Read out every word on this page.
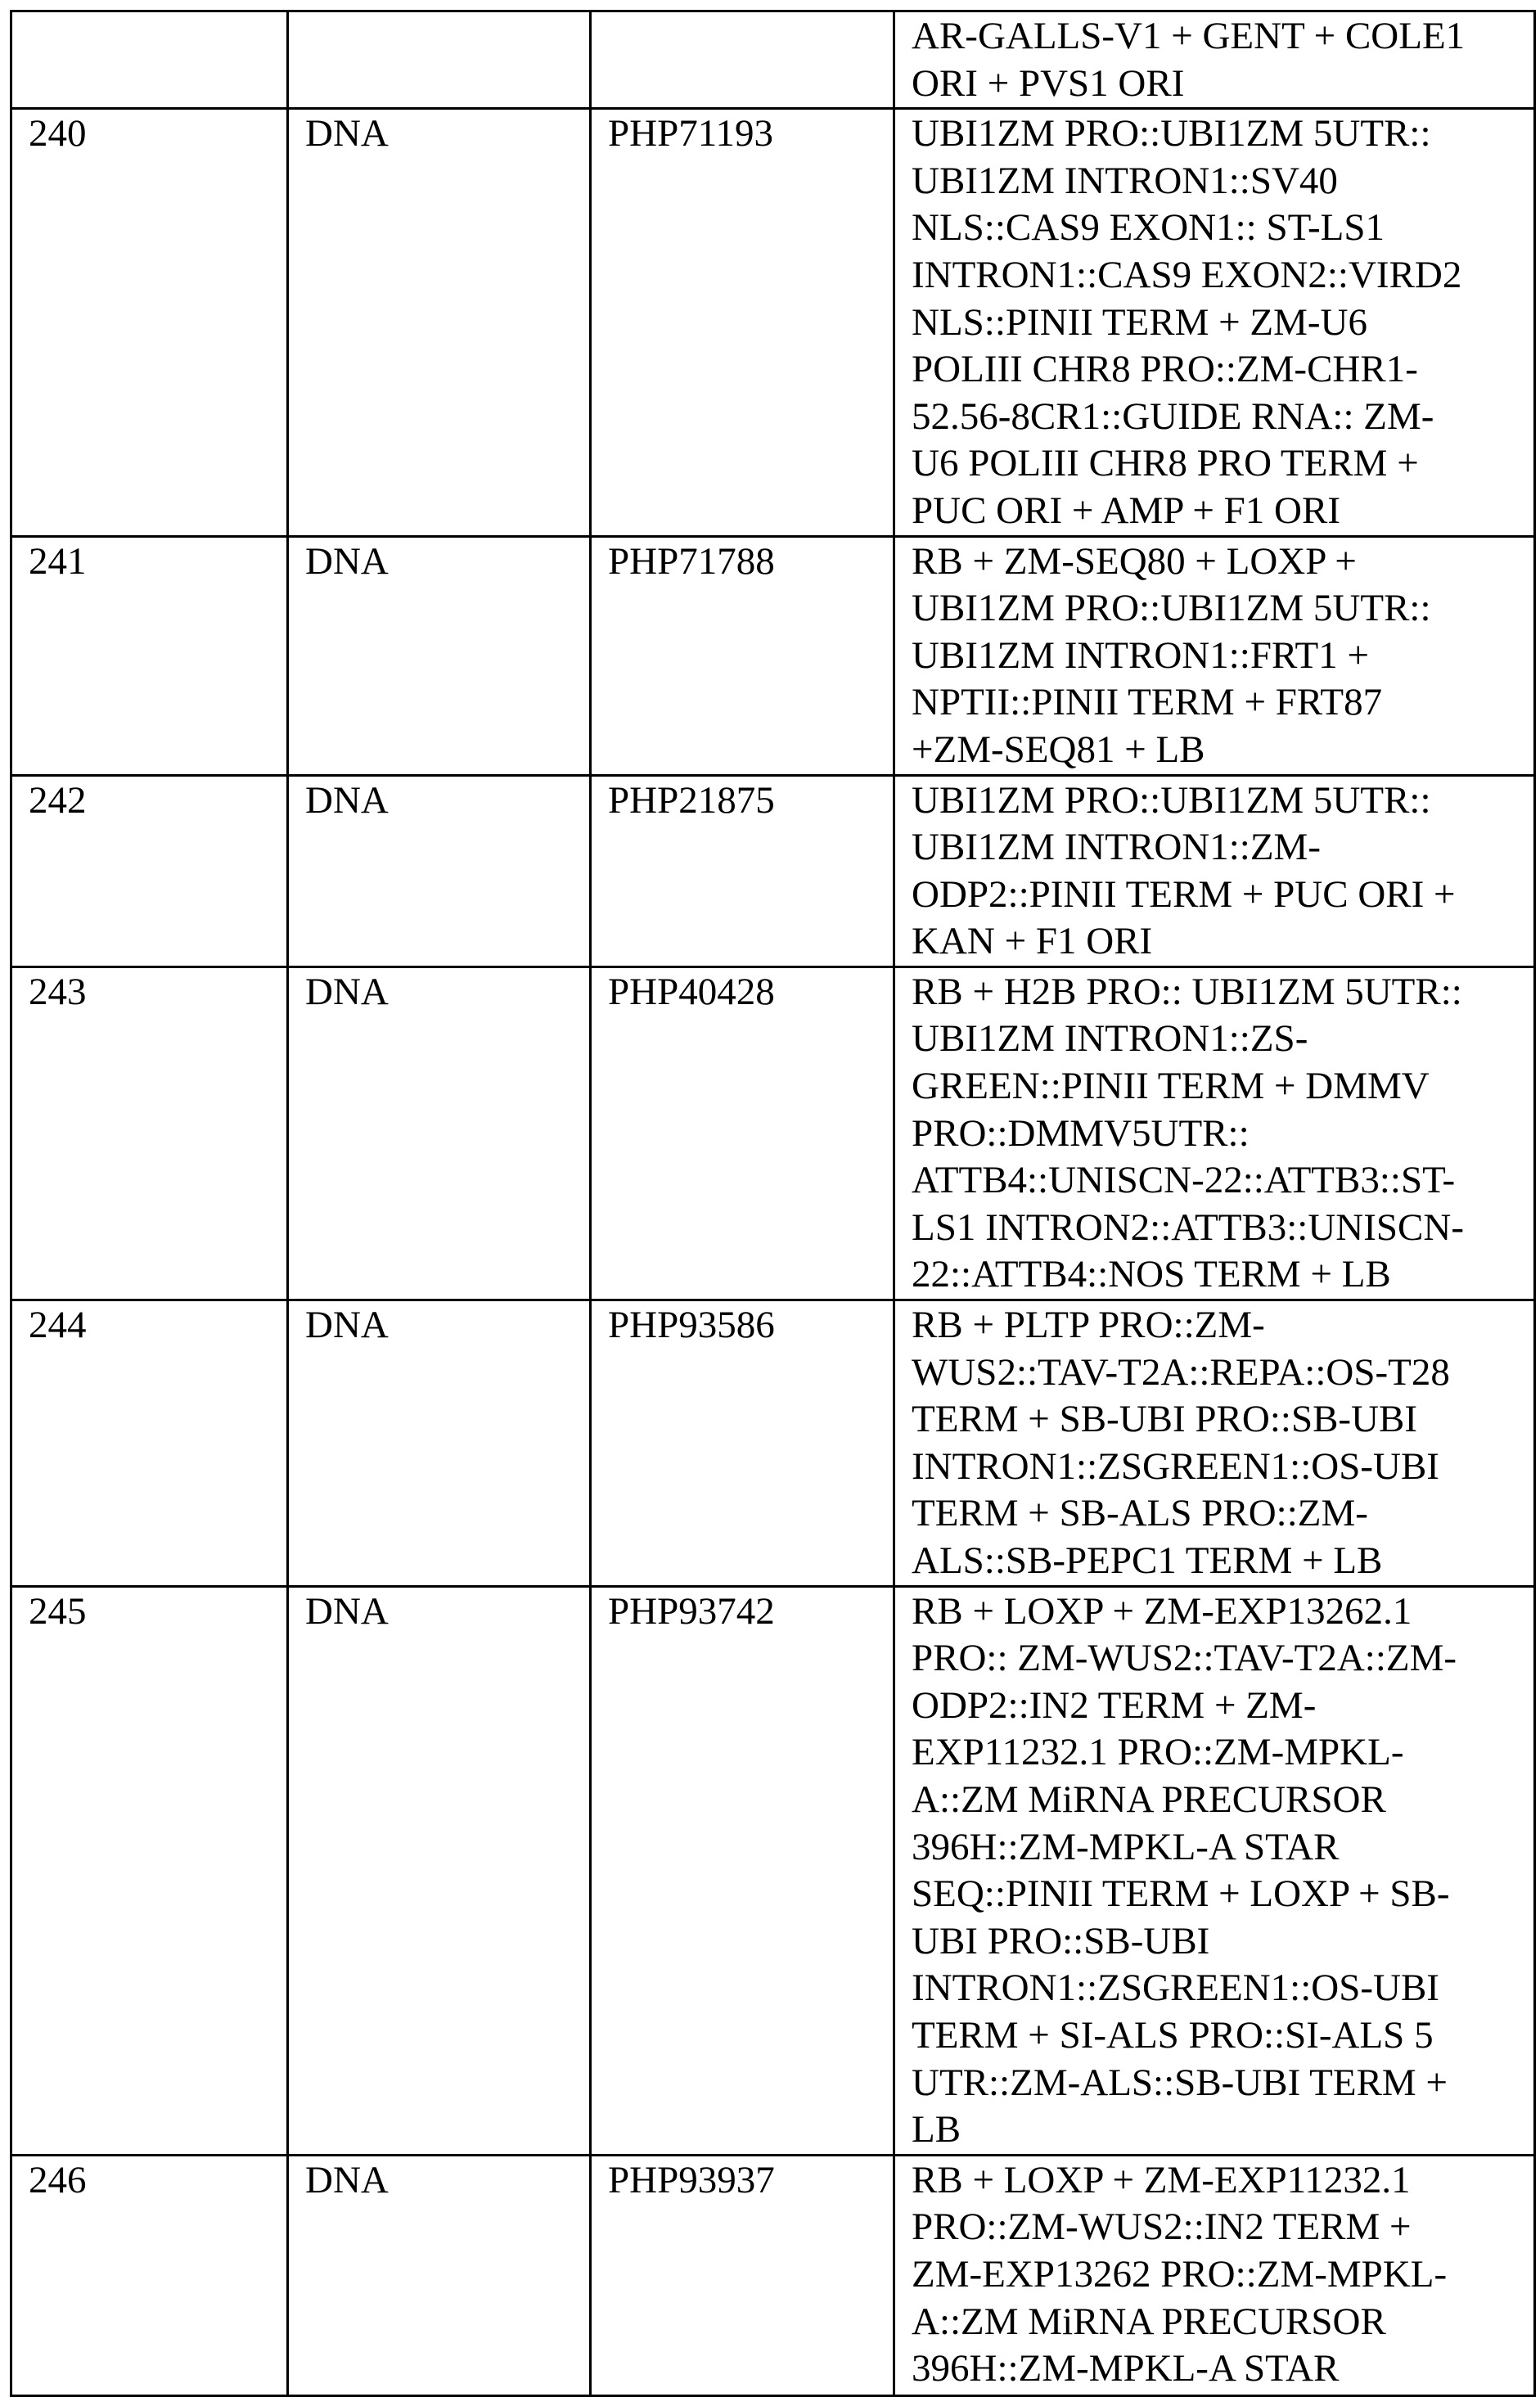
			AR-GALLS-V1 + GENT + COLE1
ORI + PVS1 ORI
240	DNA	PHP71193	UBI1ZM PRO::UBI1ZM 5UTR::
UBI1ZM INTRON1::SV40
NLS::CAS9 EXON1:: ST-LS1
INTRON1::CAS9 EXON2::VIRD2
NLS::PINII TERM + ZM-U6
POLIII CHR8 PRO::ZM-CHR1-
52.56-8CR1::GUIDE RNA:: ZM-
U6 POLIII CHR8 PRO TERM +
PUC ORI + AMP + F1 ORI
241	DNA	PHP71788	RB + ZM-SEQ80 + LOXP +
UBI1ZM PRO::UBI1ZM 5UTR::
UBI1ZM INTRON1::FRT1 +
NPTII::PINII TERM + FRT87
+ZM-SEQ81 + LB
242	DNA	PHP21875	UBI1ZM PRO::UBI1ZM 5UTR::
UBI1ZM INTRON1::ZM-
ODP2::PINII TERM + PUC ORI +
KAN + F1 ORI
243	DNA	PHP40428	RB + H2B PRO:: UBI1ZM 5UTR::
UBI1ZM INTRON1::ZS-
GREEN::PINII TERM + DMMV
PRO::DMMV5UTR::
ATTB4::UNISCN-22::ATTB3::ST-
LS1 INTRON2::ATTB3::UNISCN-
22::ATTB4::NOS TERM + LB
244	DNA	PHP93586	RB + PLTP PRO::ZM-
WUS2::TAV-T2A::REPA::OS-T28
TERM + SB-UBI PRO::SB-UBI
INTRON1::ZSGREEN1::OS-UBI
TERM + SB-ALS PRO::ZM-
ALS::SB-PEPC1 TERM + LB
245	DNA	PHP93742	RB + LOXP + ZM-EXP13262.1
PRO:: ZM-WUS2::TAV-T2A::ZM-
ODP2::IN2 TERM + ZM-
EXP11232.1 PRO::ZM-MPKL-
A::ZM MiRNA PRECURSOR
396H::ZM-MPKL-A STAR
SEQ::PINII TERM + LOXP + SB-
UBI PRO::SB-UBI
INTRON1::ZSGREEN1::OS-UBI
TERM + SI-ALS PRO::SI-ALS 5
UTR::ZM-ALS::SB-UBI TERM +
LB
246	DNA	PHP93937	RB + LOXP + ZM-EXP11232.1
PRO::ZM-WUS2::IN2 TERM +
ZM-EXP13262 PRO::ZM-MPKL-
A::ZM MiRNA PRECURSOR
396H::ZM-MPKL-A STAR
